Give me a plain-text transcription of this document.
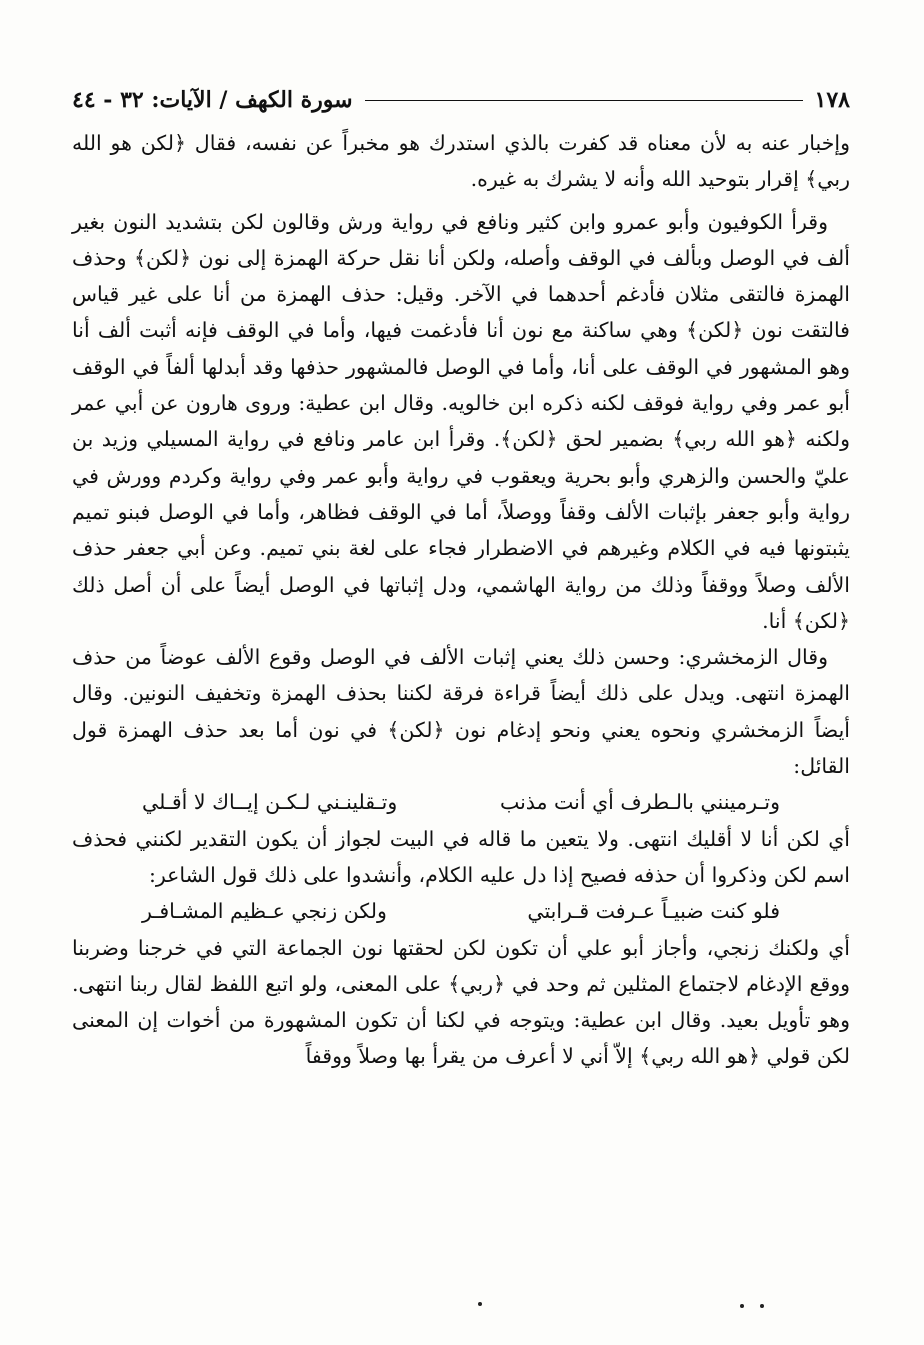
١٧٨
سورة الكهف / الآيات: ٣٢ - ٤٤

وإخبار عنه به لأن معناه قد كفرت بالذي استدرك هو مخبراً عن نفسه، فقال ﴿لكن هو الله ربي﴾ إقرار بتوحيد الله وأنه لا يشرك به غيره.

وقرأ الكوفيون وأبو عمرو وابن كثير ونافع في رواية ورش وقالون لكن بتشديد النون بغير ألف في الوصل وبألف في الوقف وأصله، ولكن أنا نقل حركة الهمزة إلى نون ﴿لكن﴾ وحذف الهمزة فالتقى مثلان فأدغم أحدهما في الآخر. وقيل: حذف الهمزة من أنا على غير قياس فالتقت نون ﴿لكن﴾ وهي ساكنة مع نون أنا فأدغمت فيها، وأما في الوقف فإنه أثبت ألف أنا وهو المشهور في الوقف على أنا، وأما في الوصل فالمشهور حذفها وقد أبدلها ألفاً في الوقف أبو عمر وفي رواية فوقف لكنه ذكره ابن خالويه. وقال ابن عطية: وروى هارون عن أبي عمر ولكنه ﴿هو الله ربي﴾ بضمير لحق ﴿لكن﴾. وقرأ ابن عامر ونافع في رواية المسيلي وزيد بن عليّ والحسن والزهري وأبو بحرية ويعقوب في رواية وأبو عمر وفي رواية وكردم وورش في رواية وأبو جعفر بإثبات الألف وقفاً ووصلاً، أما في الوقف فظاهر، وأما في الوصل فبنو تميم يثبتونها فيه في الكلام وغيرهم في الاضطرار فجاء على لغة بني تميم. وعن أبي جعفر حذف الألف وصلاً ووقفاً وذلك من رواية الهاشمي، ودل إثباتها في الوصل أيضاً على أن أصل ذلك ﴿لكن﴾ أنا.

وقال الزمخشري: وحسن ذلك يعني إثبات الألف في الوصل وقوع الألف عوضاً من حذف الهمزة انتهى. ويدل على ذلك أيضاً قراءة فرقة لكننا بحذف الهمزة وتخفيف النونين. وقال أيضاً الزمخشري ونحوه يعني ونحو إدغام نون ﴿لكن﴾ في نون أما بعد حذف الهمزة قول القائل:

وتـرمينني بالـطرف أي أنت مذنب
وتـقلينـني لـكـن إيــاك لا أقـلي

أي لكن أنا لا أقليك انتهى. ولا يتعين ما قاله في البيت لجواز أن يكون التقدير لكنني فحذف اسم لكن وذكروا أن حذفه فصيح إذا دل عليه الكلام، وأنشدوا على ذلك قول الشاعر:

فلو كنت ضبيـاً عـرفت قـرابتي
ولكن زنجي عـظيم المشـافـر

أي ولكنك زنجي، وأجاز أبو علي أن تكون لكن لحقتها نون الجماعة التي في خرجنا وضربنا ووقع الإدغام لاجتماع المثلين ثم وحد في ﴿ربي﴾ على المعنى، ولو اتبع اللفظ لقال ربنا انتهى. وهو تأويل بعيد. وقال ابن عطية: ويتوجه في لكنا أن تكون المشهورة من أخوات إن المعنى لكن قولي ﴿هو الله ربي﴾ إلاّ أني لا أعرف من يقرأ بها وصلاً ووقفاً
